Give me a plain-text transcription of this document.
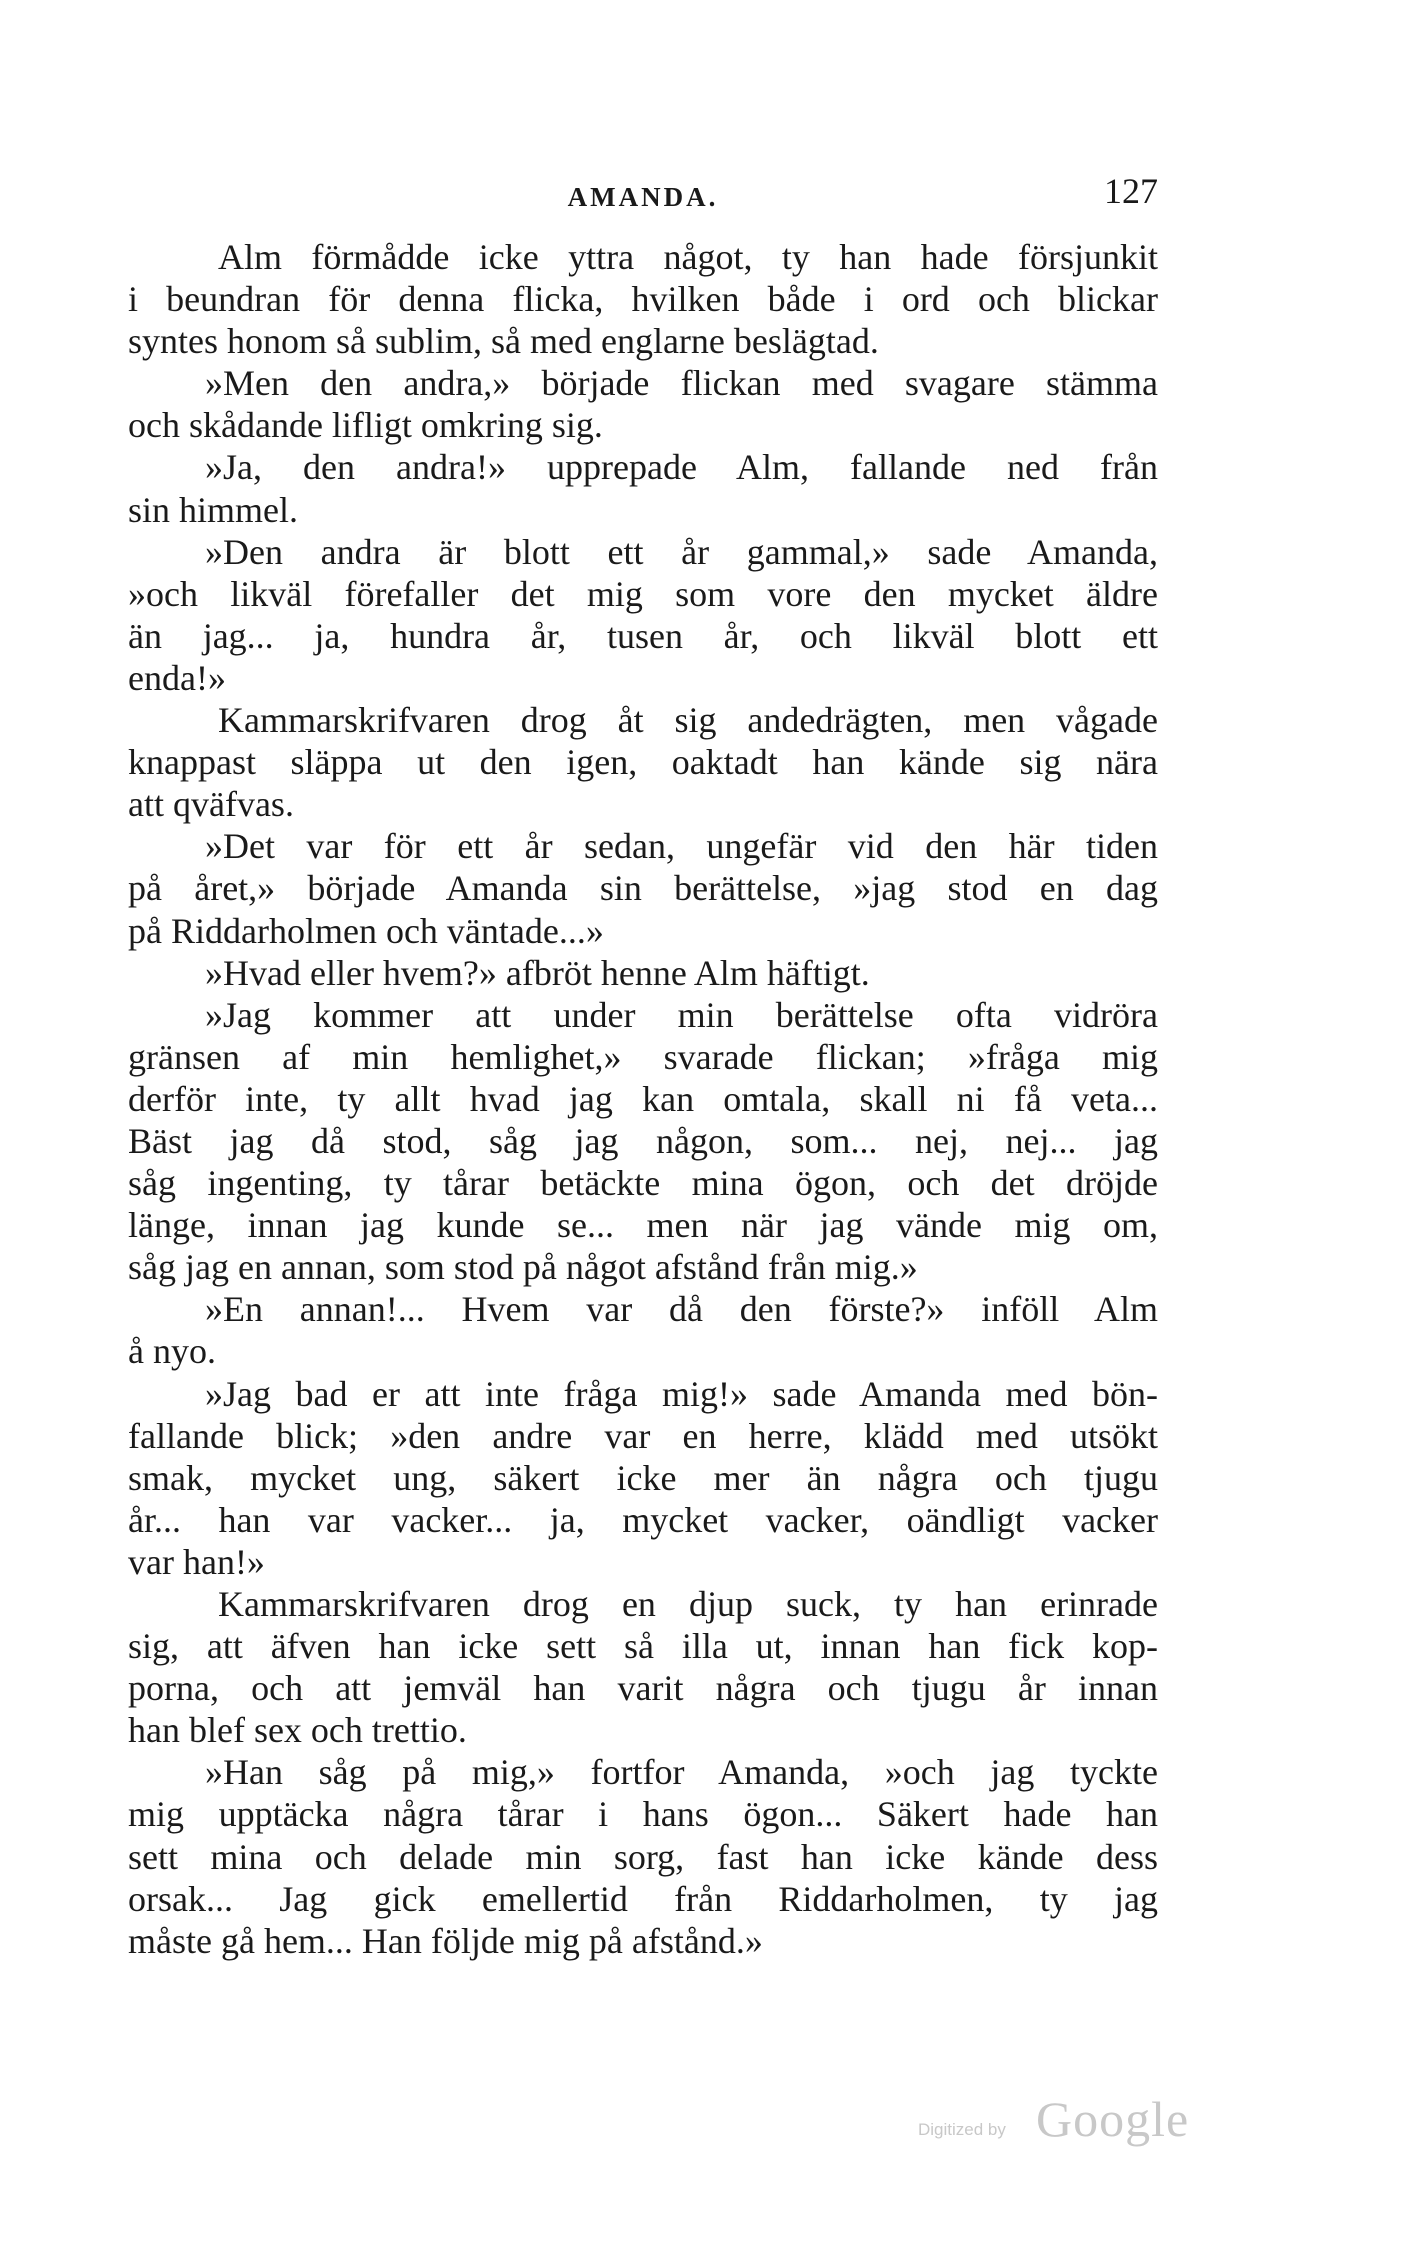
AMANDA.	127
Alm förmådde icke yttra något, ty han hade försjunkit
i beundran för denna flicka, hvilken både i ord och blickar
syntes honom så sublim, så med englarne beslägtad.
»Men den andra,» började flickan med svagare stämma
och skådande lifligt omkring sig.
»Ja, den andra!» upprepade Alm, fallande ned från
sin himmel.
»Den andra är blott ett år gammal,» sade Amanda,
»och likväl förefaller det mig som vore den mycket äldre
än jag... ja, hundra år, tusen år, och likväl blott ett
enda!»
Kammarskrifvaren drog åt sig andedrägten, men vågade
knappast släppa ut den igen, oaktadt han kände sig nära
att qväfvas.
»Det var för ett år sedan, ungefär vid den här tiden
på året,» började Amanda sin berättelse, »jag stod en dag
på Riddarholmen och väntade...»
»Hvad eller hvem?» afbröt henne Alm häftigt.
»Jag kommer att under min berättelse ofta vidröra
gränsen af min hemlighet,» svarade flickan; »fråga mig
derför inte, ty allt hvad jag kan omtala, skall ni få veta...
Bäst jag då stod, såg jag någon, som... nej, nej... jag
såg ingenting, ty tårar betäckte mina ögon, och det dröjde
länge, innan jag kunde se... men när jag vände mig om,
såg jag en annan, som stod på något afstånd från mig.»
»En annan!... Hvem var då den förste?» inföll Alm
å nyo.
»Jag bad er att inte fråga mig!» sade Amanda med bön-
fallande blick; »den andre var en herre, klädd med utsökt
smak, mycket ung, säkert icke mer än några och tjugu
år... han var vacker... ja, mycket vacker, oändligt vacker
var han!»
Kammarskrifvaren drog en djup suck, ty han erinrade
sig, att äfven han icke sett så illa ut, innan han fick kop-
porna, och att jemväl han varit några och tjugu år innan
han blef sex och trettio.
»Han såg på mig,» fortfor Amanda, »och jag tyckte
mig upptäcka några tårar i hans ögon... Säkert hade han
sett mina och delade min sorg, fast han icke kände dess
orsak... Jag gick emellertid från Riddarholmen, ty jag
måste gå hem... Han följde mig på afstånd.»
Digitized by Google
